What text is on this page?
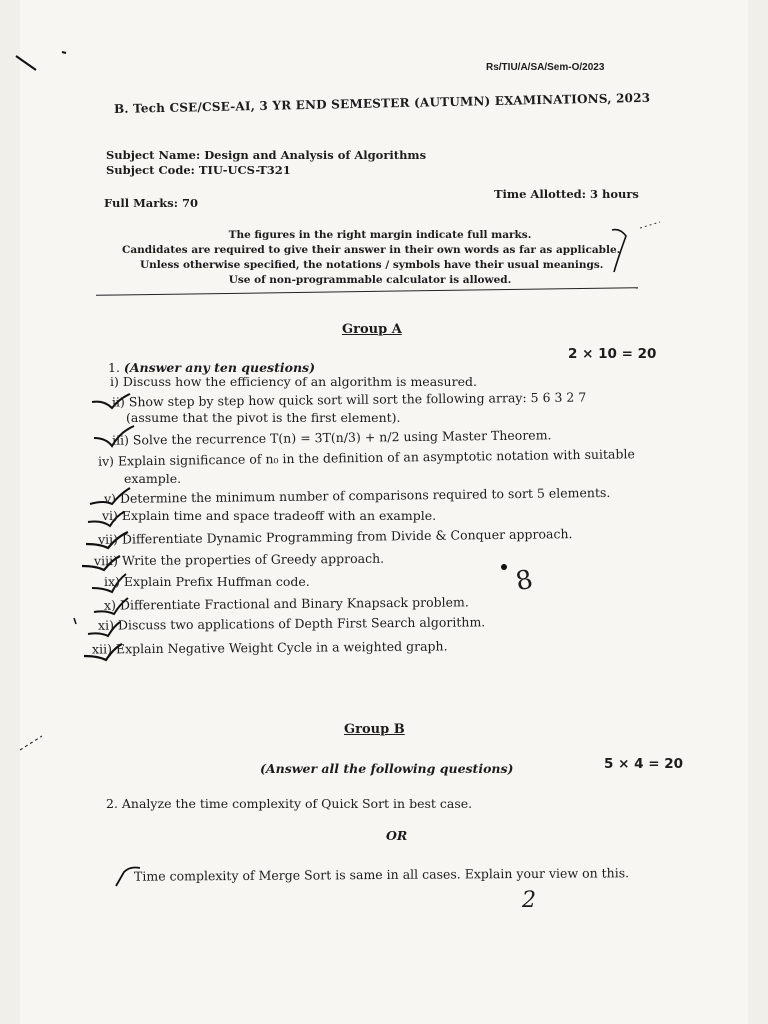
Rs/TIU/A/SA/Sem-O/2023
B. Tech CSE/CSE-AI, 3 YR END SEMESTER (AUTUMN) EXAMINATIONS, 2023
Subject Name: Design and Analysis of Algorithms
Subject Code: TIU-UCS-T321
Full Marks: 70
Time Allotted: 3 hours
The figures in the right margin indicate full marks.
Candidates are required to give their answer in their own words as far as applicable.
Unless otherwise specified, the notations / symbols have their usual meanings.
Use of non-programmable calculator is allowed.
Group A
1. (Answer any ten questions)
2 × 10 = 20
i) Discuss how the efficiency of an algorithm is measured.
ii) Show step by step how quick sort will sort the following array: 5 6 3 2 7
(assume that the pivot is the first element).
iii) Solve the recurrence T(n) = 3T(n/3) + n/2 using Master Theorem.
iv) Explain significance of n₀ in the definition of an asymptotic notation with suitable
example.
v) Determine the minimum number of comparisons required to sort 5 elements.
vi) Explain time and space tradeoff with an example.
vii) Differentiate Dynamic Programming from Divide & Conquer approach.
viii) Write the properties of Greedy approach.
ix) Explain Prefix Huffman code.
x) Differentiate Fractional and Binary Knapsack problem.
xi) Discuss two applications of Depth First Search algorithm.
xii) Explain Negative Weight Cycle in a weighted graph.
8
Group B
(Answer all the following questions)	5 × 4 = 20
2. Analyze the time complexity of Quick Sort in best case.
OR
Time complexity of Merge Sort is same in all cases. Explain your view on this.
2
